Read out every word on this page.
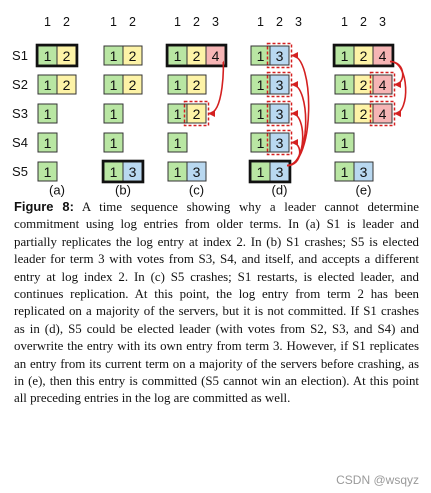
S1
S2
S3
S4
S5
1 2
1 2
1 2
1
1
1
(a)
1 2
1 2
1 2
1
1
1 3
(b)
1 2 3
1 2 4
1 2
1 2
1
1 3
(c)
1 2 3
1 3
1 3
1 3
1 3
1 3
(d)
1 2 3
1 2 4
1 2 4
1 2 4
1
1 3
(e)

Figure 8: A time sequence showing why a leader cannot determine commitment using log entries from older terms. In (a) S1 is leader and partially replicates the log entry at index 2. In (b) S1 crashes; S5 is elected leader for term 3 with votes from S3, S4, and itself, and accepts a different entry at log index 2. In (c) S5 crashes; S1 restarts, is elected leader, and continues replication. At this point, the log entry from term 2 has been replicated on a majority of the servers, but it is not committed. If S1 crashes as in (d), S5 could be elected leader (with votes from S2, S3, and S4) and overwrite the entry with its own entry from term 3. However, if S1 replicates an entry from its current term on a majority of the servers before crashing, as in (e), then this entry is committed (S5 cannot win an election). At this point all preceding entries in the log are committed as well.

CSDN @wsqyz
